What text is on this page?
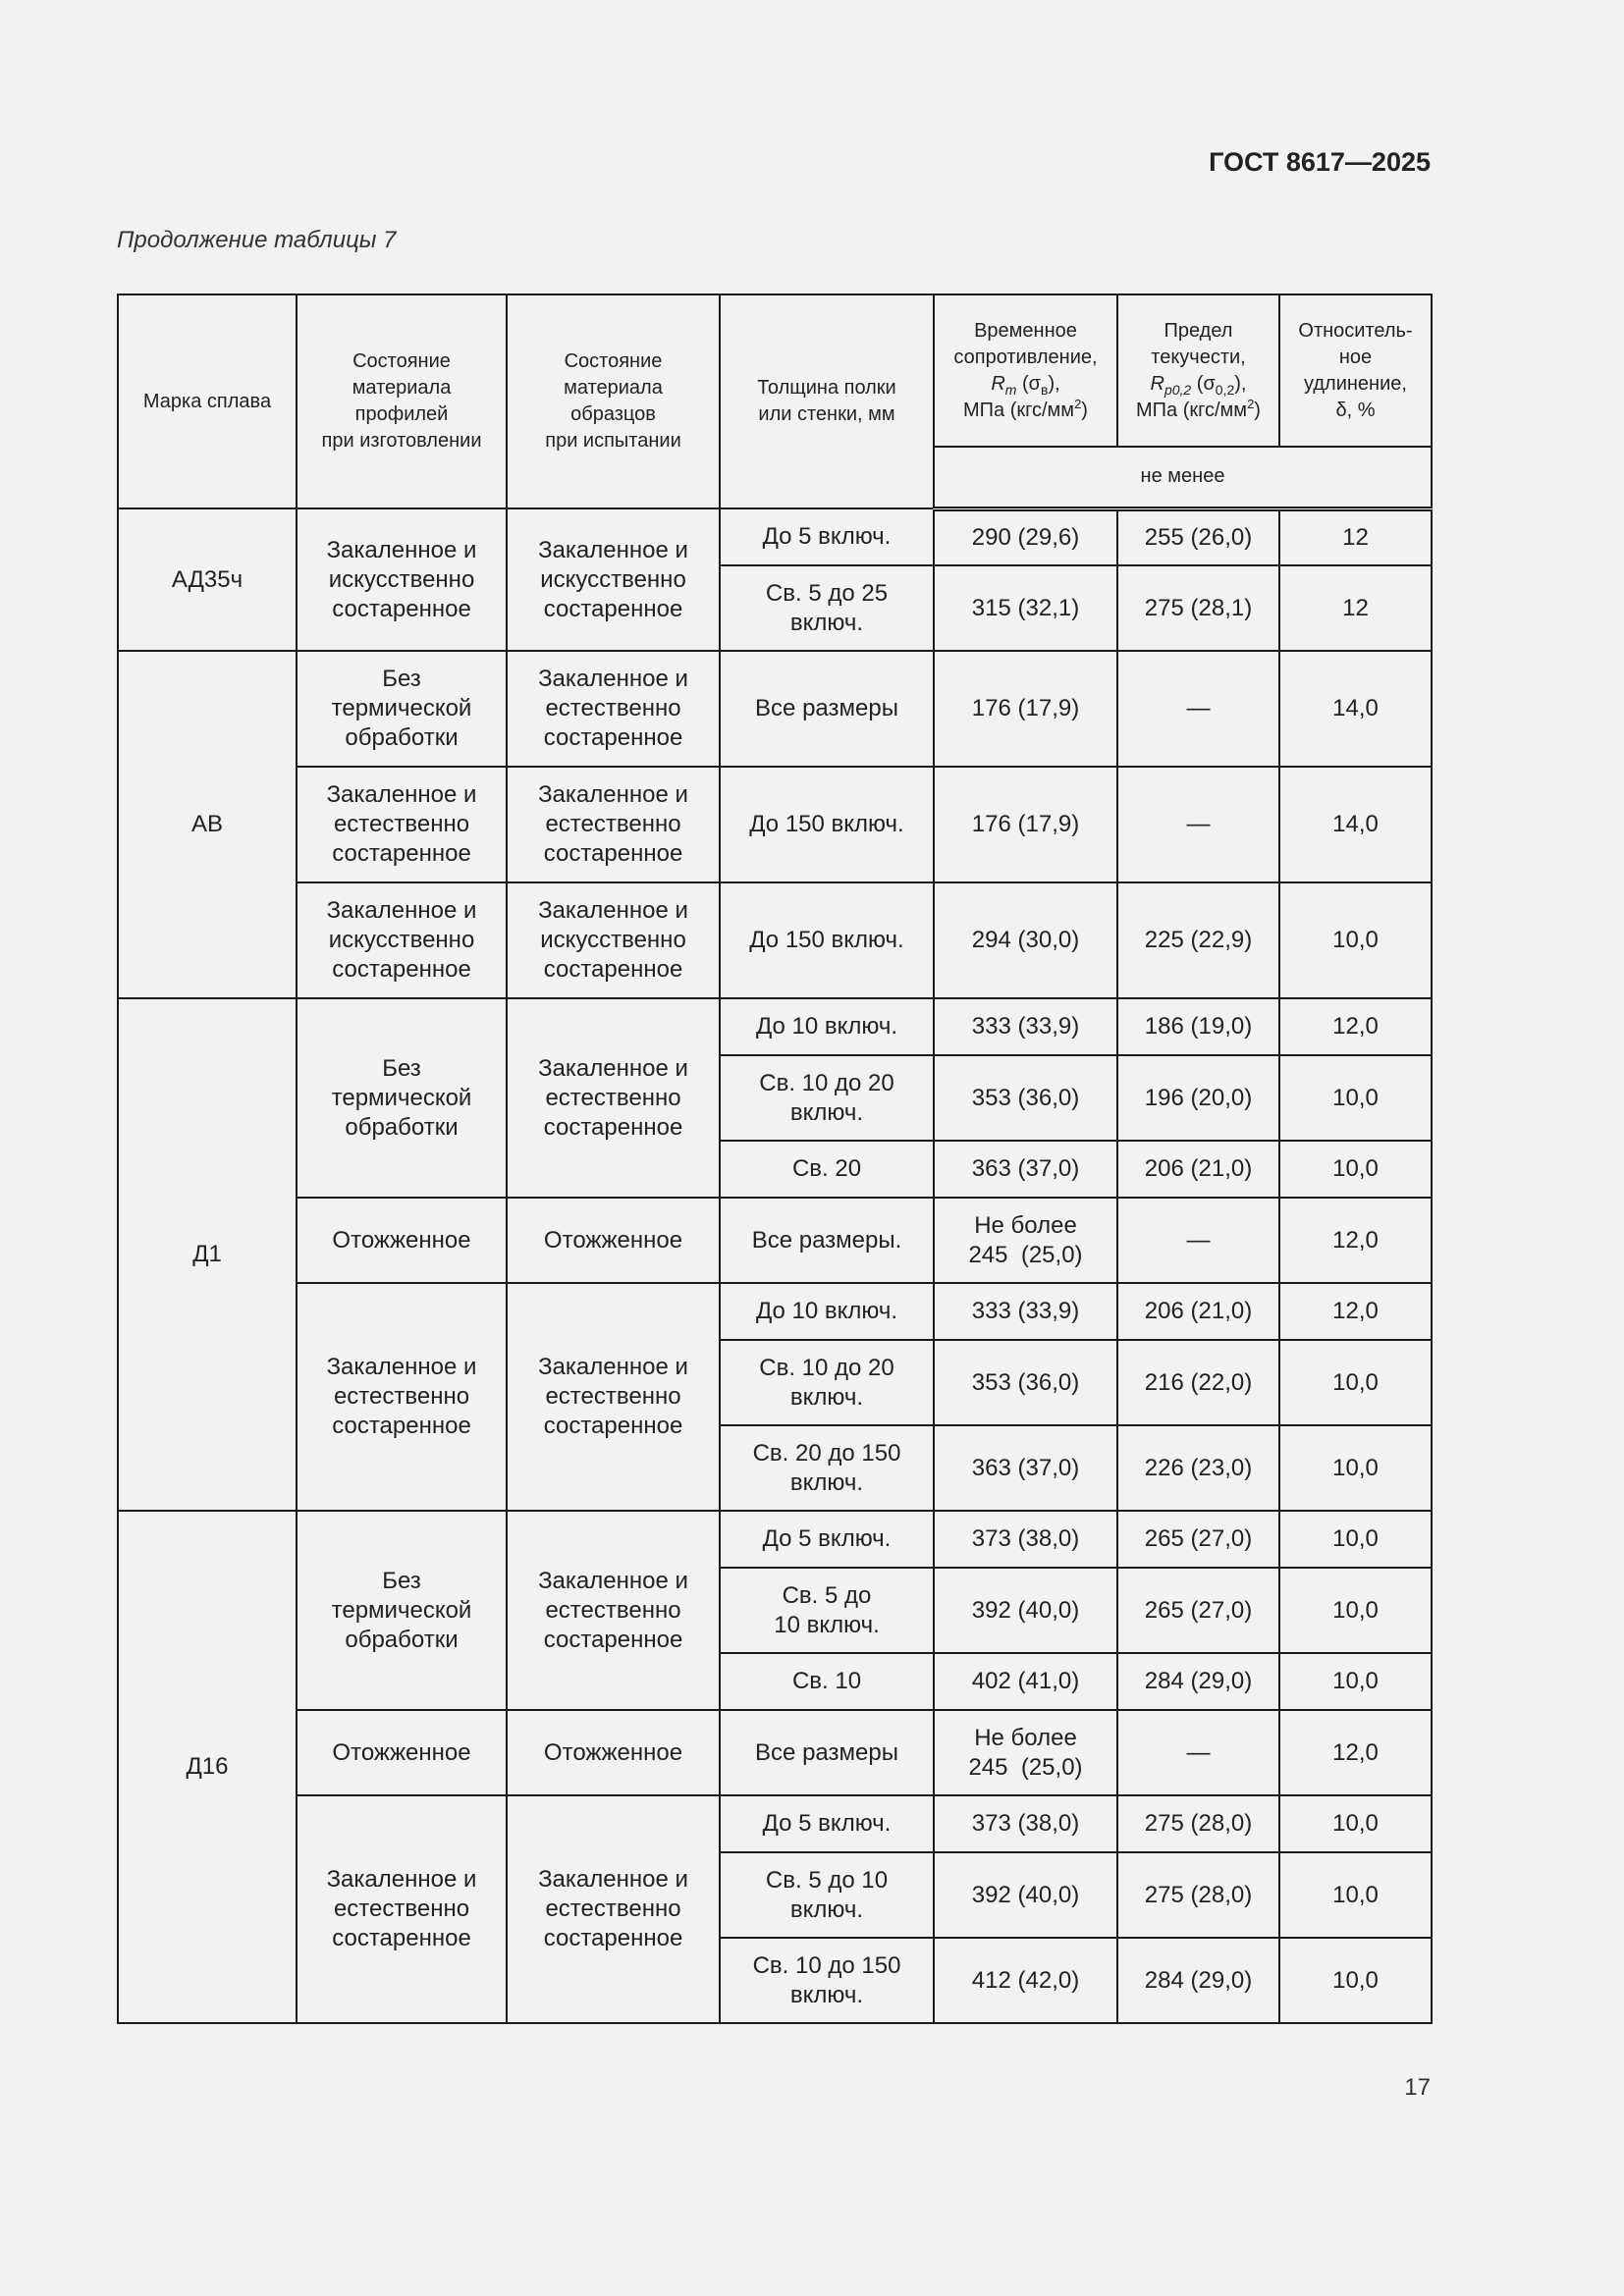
ГОСТ 8617—2025
Продолжение таблицы 7
Марка сплава	Состояние
материала
профилей
при изготовлении	Состояние
материала
образцов
при испытании	Толщина полки
или стенки, мм	Временное
сопротивление,
$R_m$ $(\sigma_в)$,
МПа $(кгс/мм^2)$	Предел
текучести,
$R_{p0,2}$ $(\sigma_{0,2})$,
МПа $(кгс/мм^2)$	Относитель-
ное
удлинение,
δ, %
				не менее		
АД35ч	Закаленное и
искусственно
состаренное	Закаленное и
искусственно
состаренное	До 5 включ.	290 (29,6)	255 (26,0)	12
			Св. 5 до 25
включ.	315 (32,1)	275 (28,1)	12
АВ	Без
термической
обработки	Закаленное и
естественно
состаренное	Все размеры	176 (17,9)	—	14,0
	Закаленное и
естественно
состаренное	Закаленное и
естественно
состаренное	До 150 включ.	176 (17,9)	—	14,0
	Закаленное и
искусственно
состаренное	Закаленное и
искусственно
состаренное	До 150 включ.	294 (30,0)	225 (22,9)	10,0
Д1	Без
термической
обработки	Закаленное и
естественно
состаренное	До 10 включ.	333 (33,9)	186 (19,0)	12,0
			Св. 10 до 20
включ.	353 (36,0)	196 (20,0)	10,0
			Св. 20	363 (37,0)	206 (21,0)	10,0
	Отожженное	Отожженное	Все размеры.	Не более
245  (25,0)	—	12,0
	Закаленное и
естественно
состаренное	Закаленное и
естественно
состаренное	До 10 включ.	333 (33,9)	206 (21,0)	12,0
			Св. 10 до 20
включ.	353 (36,0)	216 (22,0)	10,0
			Св. 20 до 150
включ.	363 (37,0)	226 (23,0)	10,0
Д16	Без
термической
обработки	Закаленное и
естественно
состаренное	До 5 включ.	373 (38,0)	265 (27,0)	10,0
			Св. 5 до
10 включ.	392 (40,0)	265 (27,0)	10,0
			Св. 10	402 (41,0)	284 (29,0)	10,0
	Отожженное	Отожженное	Все размеры	Не более
245  (25,0)	—	12,0
	Закаленное и
естественно
состаренное	Закаленное и
естественно
состаренное	До 5 включ.	373 (38,0)	275 (28,0)	10,0
			Св. 5 до 10
включ.	392 (40,0)	275 (28,0)	10,0
			Св. 10 до 150
включ.	412 (42,0)	284 (29,0)	10,0
17
